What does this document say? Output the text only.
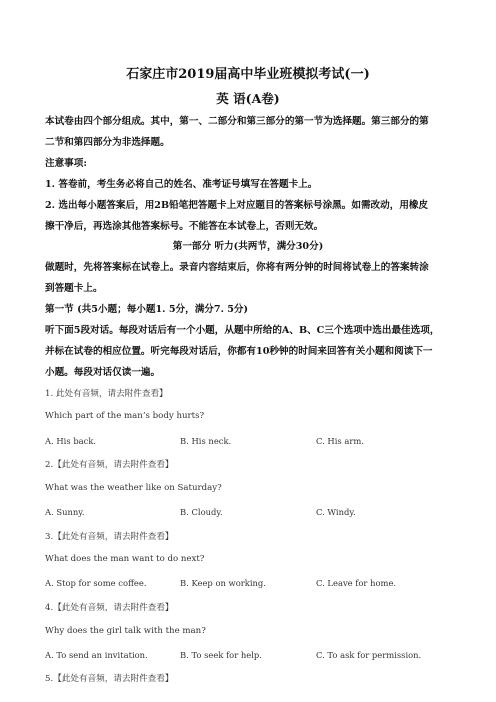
石家庄市2019届高中毕业班模拟考试(一)
英 语(A卷)
本试卷由四个部分组成。其中，第一、二部分和第三部分的第一节为选择题。第三部分的第
二节和第四部分为非选择题。
注意事项:
1. 答卷前，考生务必将自己的姓名、准考证号填写在答题卡上。
2. 选出每小题答案后，用2B铅笔把答题卡上对应题目的答案标号涂黑。如需改动，用橡皮
擦干净后，再选涂其他答案标号。不能答在本试卷上，否则无效。
第一部分 听力(共两节，满分30分)
做题时，先将答案标在试卷上。录音内容结束后，你将有两分钟的时间将试卷上的答案转涂
到答题卡上。
第一节 (共5小题；每小题1. 5分，满分7. 5分)
听下面5段对话。每段对话后有一个小题，从题中所给的A、B、C三个选项中选出最佳选项，
并标在试卷的相应位置。听完每段对话后，你都有10秒钟的时间来回答有关小题和阅读下一
小题。每段对话仅读一遍。
1. 此处有音频，请去附件查看】
Which part of the man’s body hurts?
A. His back.	B. His neck.	C. His arm.
2.【此处有音频，请去附件查看】
What was the weather like on Saturday?
A. Sunny.	B. Cloudy.	C. Windy.
3.【此处有音频，请去附件查看】
What does the man want to do next?
A. Stop for some coffee.	B. Keep on working.	C. Leave for home.
4.【此处有音频，请去附件查看】
Why does the girl talk with the man?
A. To send an invitation.	B. To seek for help.	C. To ask for permission.
5.【此处有音频，请去附件查看】
